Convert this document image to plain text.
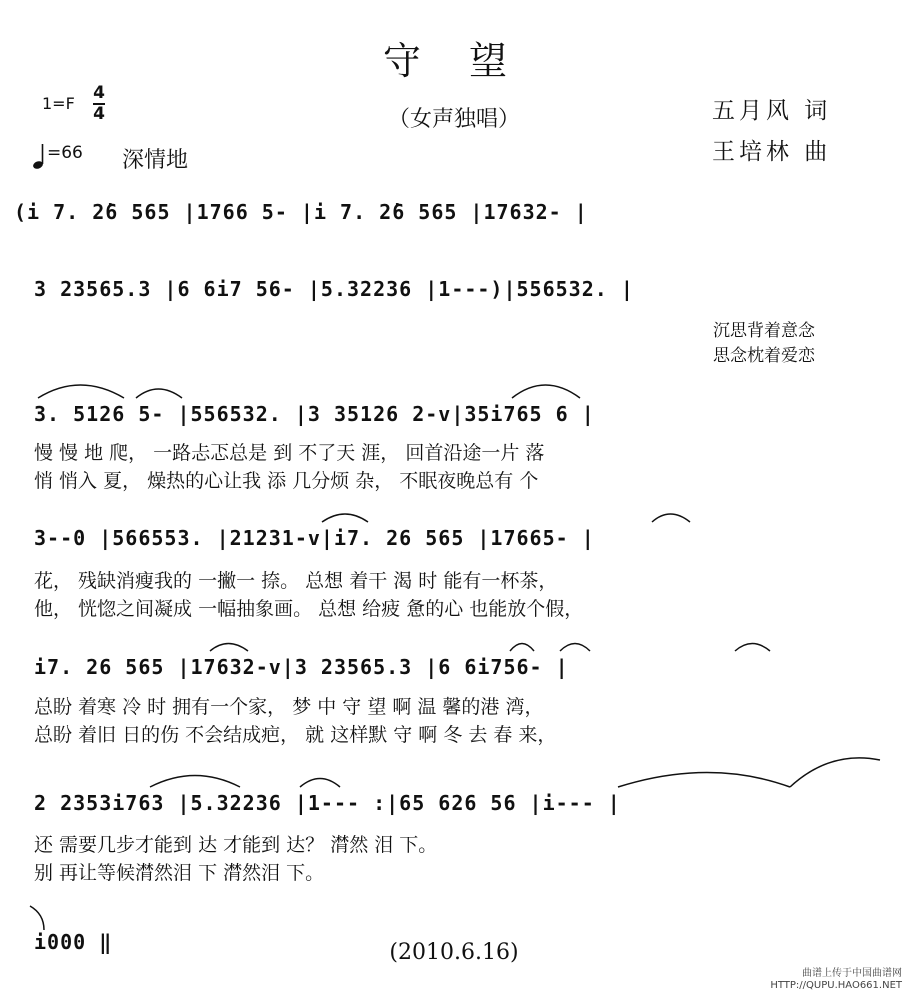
守 望
（女声独唱）	五月风 词
王培林 曲
1=F
4
4
=66 深情地
(i 7. 2̇6 565 |1766 5- |i 7. 2̇6 565 |17632- |
3 23565.3 |6 6i7 56- |5.32236 |1---)|556532. |
沉思背着意念
思念枕着爱恋
3. 5126 5- |556532. |3 35126 2-v|35i765 6 |
慢 慢 地 爬， 一路忐忑总是 到 不了天 涯， 回首沿途一片 落
悄 悄入 夏， 燥热的心让我 添 几分烦 杂， 不眠夜晚总有 个
3--0 |566553. |21231-v|i7. 26 565 |17665- |
花， 残缺消瘦我的 一撇一 捺。 总想 着干 渴 时 能有一杯茶，
他， 恍惚之间凝成 一幅抽象画。 总想 给疲 惫的心 也能放个假，
i7. 26 565 |17632-v|3 23565.3 |6 6i756- |
总盼 着寒 冷 时 拥有一个家， 梦 中 守 望 啊 温 馨的港 湾，
总盼 着旧 日的伤 不会结成疤， 就 这样默 守 啊 冬 去 春 来，
2 2353i763 |5.32236 |1--- :|65 626 56 |i--- |
还 需要几步才能到 达 才能到 达？ 潸然 泪 下。
别 再让等候潸然泪 下 潸然泪 下。
i000 ‖	(2010.6.16)
曲谱上传于中国曲谱网
HTTP://QUPU.HAO661.NET
